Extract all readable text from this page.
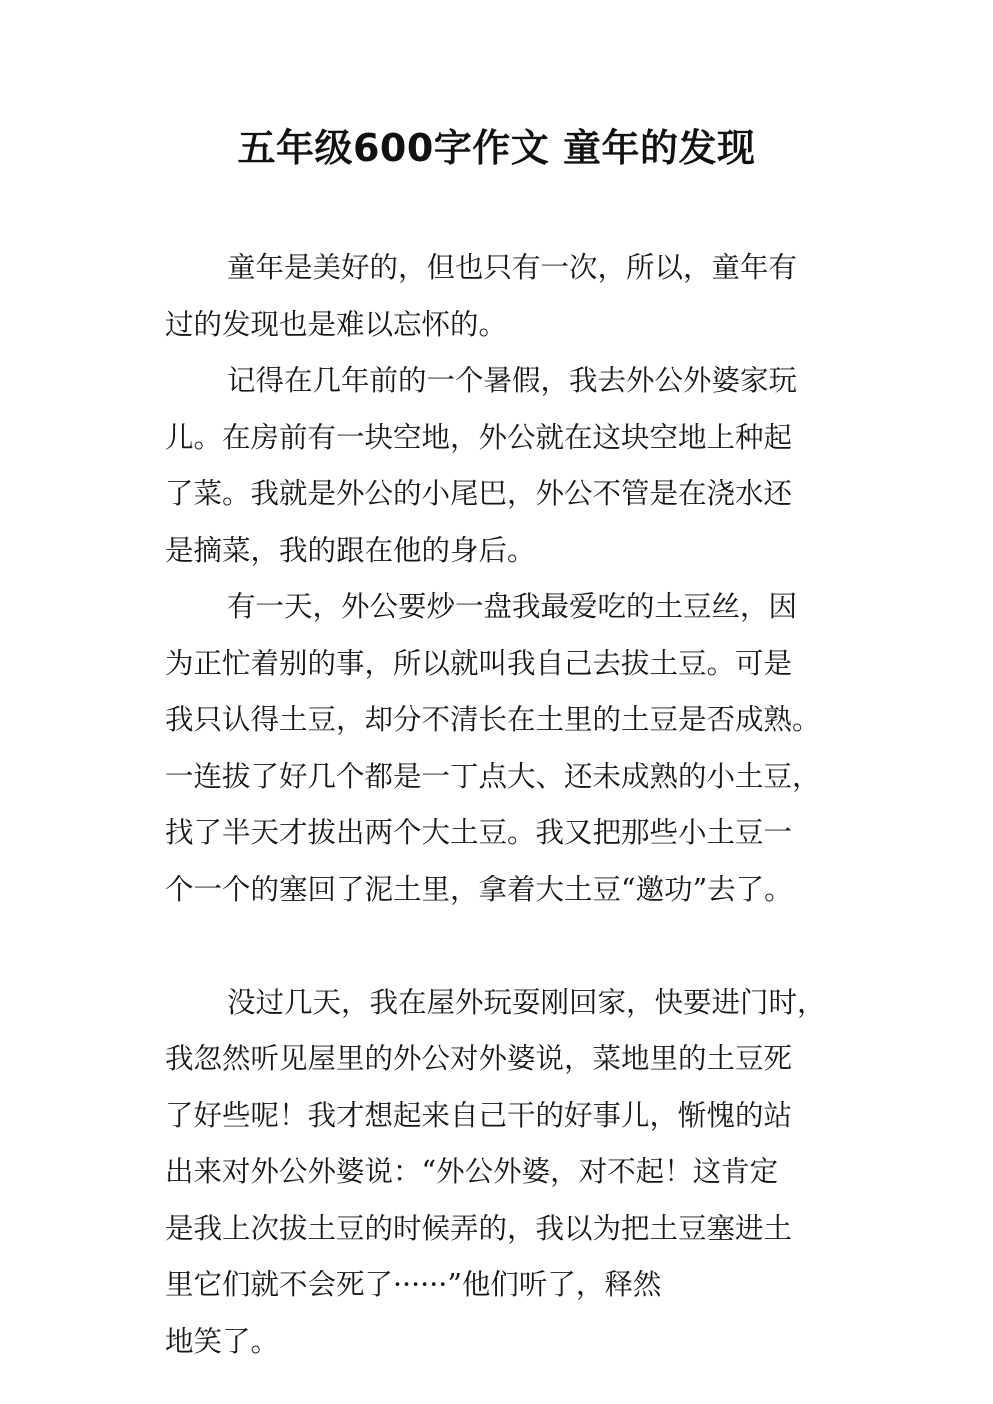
五年级600字作文 童年的发现
童年是美好的，但也只有一次，所以，童年有
过的发现也是难以忘怀的。
记得在几年前的一个暑假，我去外公外婆家玩
儿。在房前有一块空地，外公就在这块空地上种起
了菜。我就是外公的小尾巴，外公不管是在浇水还
是摘菜，我的跟在他的身后。
有一天，外公要炒一盘我最爱吃的土豆丝，因
为正忙着别的事，所以就叫我自己去拔土豆。可是
我只认得土豆，却分不清长在土里的土豆是否成熟。
一连拔了好几个都是一丁点大、还未成熟的小土豆，
找了半天才拔出两个大土豆。我又把那些小土豆一
个一个的塞回了泥土里，拿着大土豆“邀功”去了。
没过几天，我在屋外玩耍刚回家，快要进门时，
我忽然听见屋里的外公对外婆说，菜地里的土豆死
了好些呢！我才想起来自己干的好事儿，惭愧的站
出来对外公外婆说：“外公外婆，对不起！这肯定
是我上次拔土豆的时候弄的，我以为把土豆塞进土
里它们就不会死了······”他们听了，释然
地笑了。
